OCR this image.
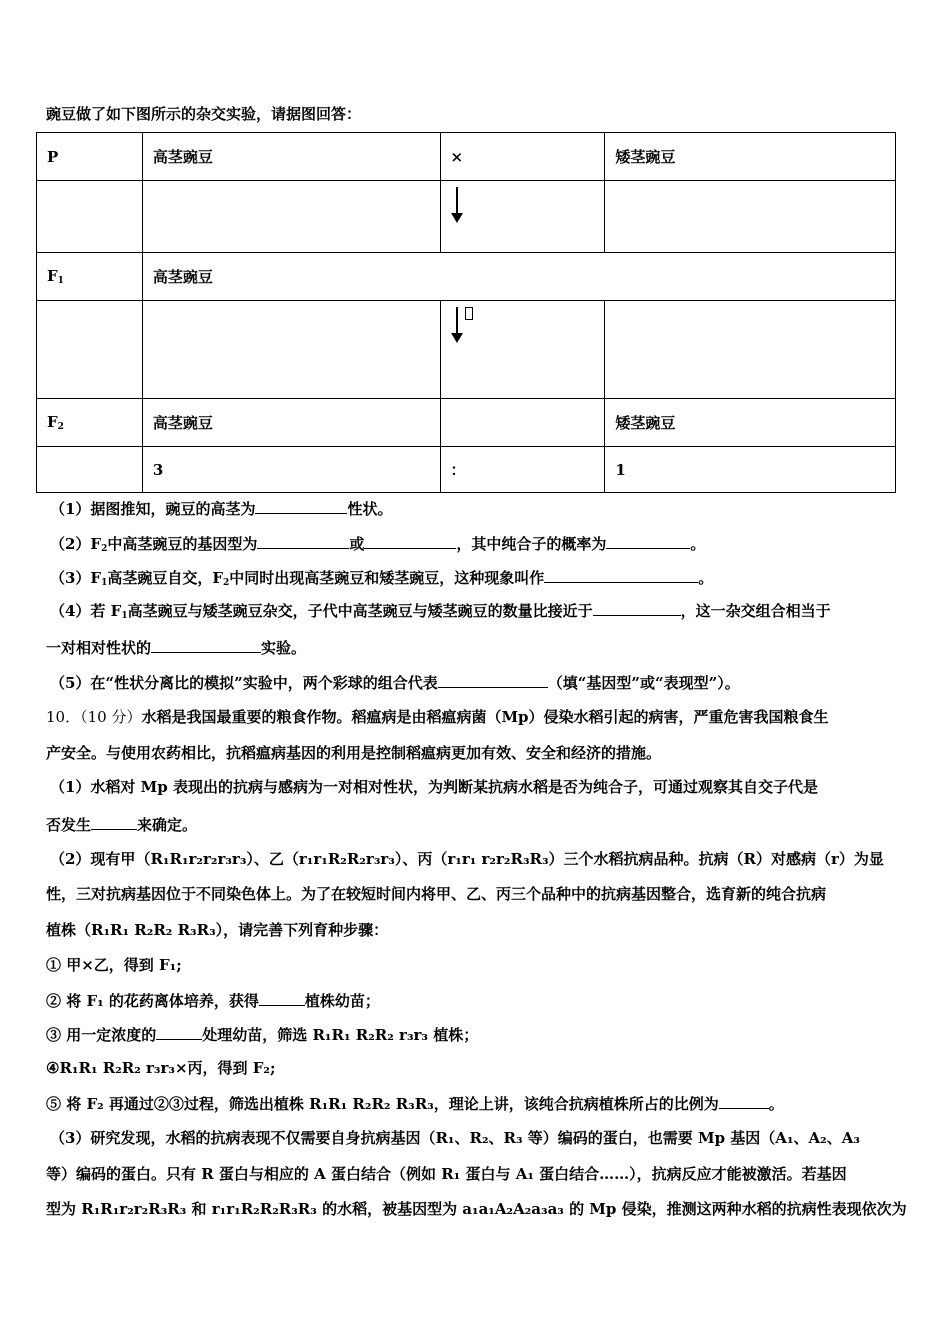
豌豆做了如下图所示的杂交实验，请据图回答：
P	高茎豌豆	×	矮茎豌豆

$F_1$	高茎豌豆		

$F_2$	高茎豌豆		矮茎豌豆
	3	：	1
（1）据图推知，豌豆的高茎为	性状。
$(2)F_2$中高茎豌豆的基因型为	或	，其中纯合子的概率为	。
$(3)F_1$高茎豌豆自交，$F_2$中同时出现高茎豌豆和矮茎豌豆，这种现象叫作	。
（4）若 $F_1$高茎豌豆与矮茎豌豆杂交，子代中高茎豌豆与矮茎豌豆的数量比接近于	，这一杂交组合相当于
一对相对性状的	实验。
（5）在“性状分离比的模拟”实验中，两个彩球的组合代表	（填“基因型”或“表现型”）。
10．（10 分）水稻是我国最重要的粮食作物。稻瘟病是由稻瘟病菌（Mp）侵染水稻引起的病害，严重危害我国粮食生
产安全。与使用农药相比，抗稻瘟病基因的利用是控制稻瘟病更加有效、安全和经济的措施。
（1）水稻对 Mp 表现出的抗病与感病为一对相对性状，为判断某抗病水稻是否为纯合子，可通过观察其自交子代是
否发生	来确定。
（2）现有甲（R₁R₁r₂r₂r₃r₃）、乙（r₁r₁R₂R₂r₃r₃）、丙（r₁r₁ r₂r₂R₃R₃）三个水稻抗病品种。抗病（R）对感病（r）为显
性，三对抗病基因位于不同染色体上。为了在较短时间内将甲、乙、丙三个品种中的抗病基因整合，选育新的纯合抗病
植株（R₁R₁ R₂R₂ R₃R₃），请完善下列育种步骤：
① 甲×乙，得到 F₁;
② 将 F₁ 的花药离体培养，获得	植株幼苗；
③ 用一定浓度的	处理幼苗，筛选 R₁R₁ R₂R₂ r₃r₃ 植株；
④R₁R₁ R₂R₂ r₃r₃×丙，得到 F₂;
⑤ 将 F₂ 再通过②③过程，筛选出植株 R₁R₁ R₂R₂ R₃R₃，理论上讲，该纯合抗病植株所占的比例为	。
（3）研究发现，水稻的抗病表现不仅需要自身抗病基因（R₁、R₂、R₃ 等）编码的蛋白，也需要 Mp 基因（A₁、A₂、A₃
等）编码的蛋白。只有 R 蛋白与相应的 A 蛋白结合（例如 R₁ 蛋白与 A₁ 蛋白结合……），抗病反应才能被激活。若基因
型为 R₁R₁r₂r₂R₃R₃ 和 r₁r₁R₂R₂R₃R₃ 的水稻，被基因型为 a₁a₁A₂A₂a₃a₃ 的 Mp 侵染，推测这两种水稻的抗病性表现依次为
